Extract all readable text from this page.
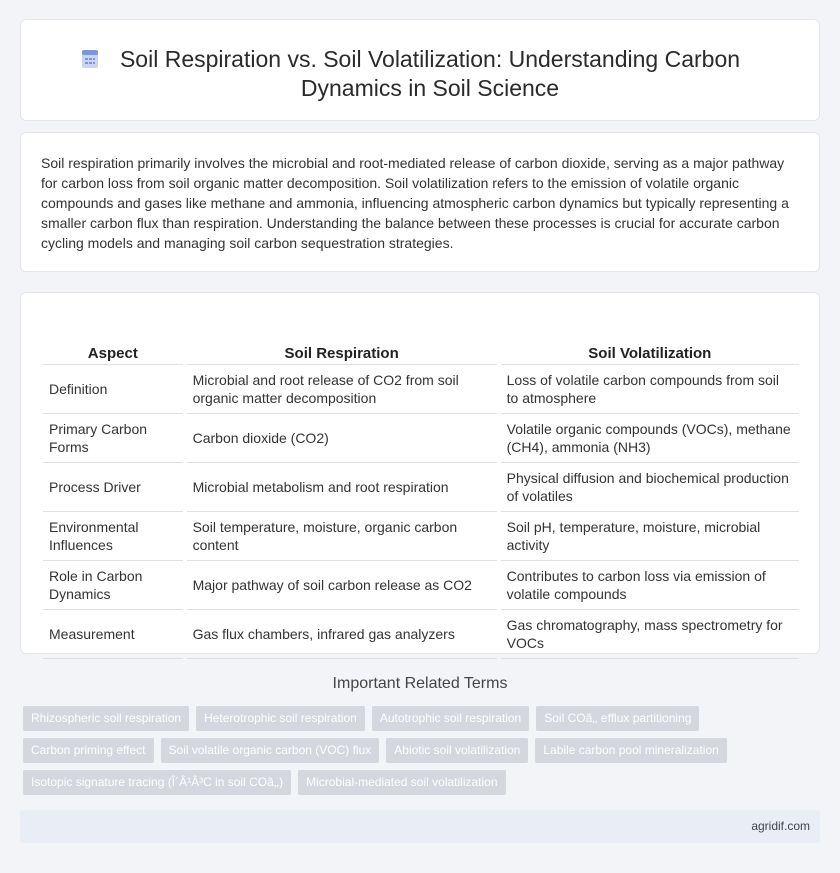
Soil Respiration vs. Soil Volatilization: Understanding Carbon Dynamics in Soil Science

Soil respiration primarily involves the microbial and root-mediated release of carbon dioxide, serving as a major pathway for carbon loss from soil organic matter decomposition. Soil volatilization refers to the emission of volatile organic compounds and gases like methane and ammonia, influencing atmospheric carbon dynamics but typically representing a smaller carbon flux than respiration. Understanding the balance between these processes is crucial for accurate carbon cycling models and managing soil carbon sequestration strategies.

Aspect		Soil Respiration		Soil Volatilization
Definition		Microbial and root release of CO2 from soil organic matter decomposition		Loss of volatile carbon compounds from soil to atmosphere
Primary Carbon Forms		Carbon dioxide (CO2)		Volatile organic compounds (VOCs), methane (CH4), ammonia (NH3)
Process Driver		Microbial metabolism and root respiration		Physical diffusion and biochemical production of volatiles
Environmental Influences		Soil temperature, moisture, organic carbon content		Soil pH, temperature, moisture, microbial activity
Role in Carbon Dynamics		Major pathway of soil carbon release as CO2		Contributes to carbon loss via emission of volatile compounds
Measurement		Gas flux chambers, infrared gas analyzers		Gas chromatography, mass spectrometry for VOCs
Important Related Terms
Rhizospheric soil respiration	Heterotrophic soil respiration	Autotrophic soil respiration	Soil COâ‚‚ efflux partitioning
Carbon priming effect	Soil volatile organic carbon (VOC) flux	Abiotic soil volatilization	Labile carbon pool mineralization
Isotopic signature tracing (Î´Â¹Â³C in soil COâ‚‚)	Microbial-mediated soil volatilization
agridif.com
